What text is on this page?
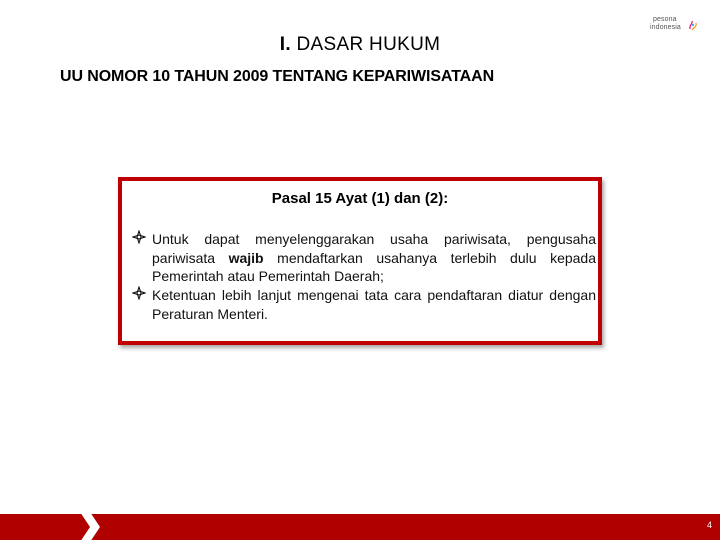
pesona
indonesia
I. DASAR HUKUM
UU NOMOR 10 TAHUN 2009 TENTANG KEPARIWISATAAN
Pasal 15 Ayat (1) dan (2):
Untuk dapat menyelenggarakan usaha pariwisata, pengusaha pariwisata wajib mendaftarkan usahanya terlebih dulu kepada Pemerintah atau Pemerintah Daerah;
Ketentuan lebih lanjut mengenai tata cara pendaftaran diatur dengan Peraturan Menteri.
4
